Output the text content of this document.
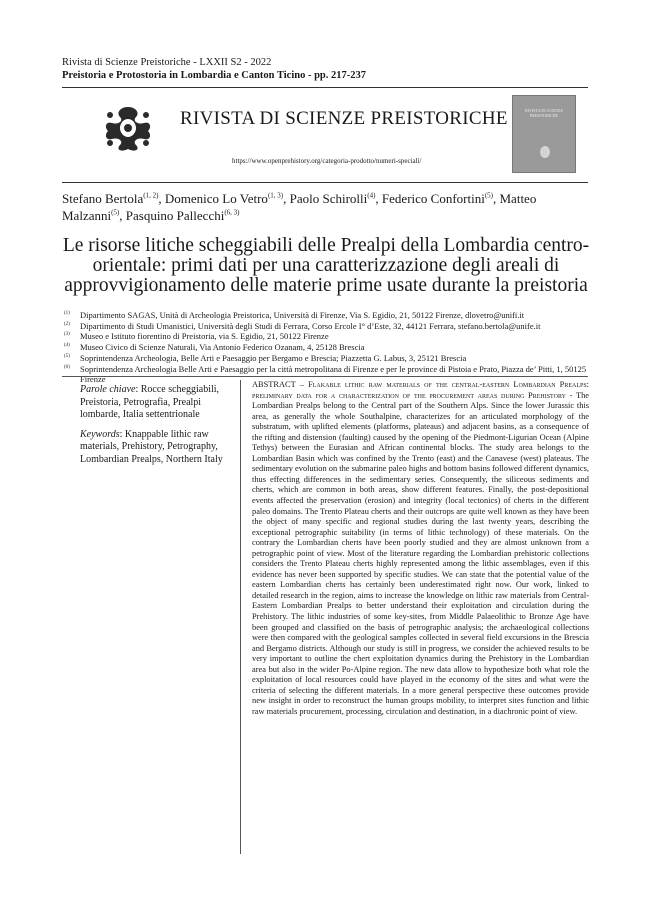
Rivista di Scienze Preistoriche - LXXII S2 - 2022
Preistoria e Protostoria in Lombardia e Canton Ticino - pp. 217-237
RIVISTA DI SCIENZE PREISTORICHE
https://www.openprehistory.org/categoria-prodotto/numeri-speciali/
RIVISTA DI SCIENZE PREISTORICHE
Stefano Bertola$^{(1, 2)}$, Domenico Lo Vetro$^{(1, 3)}$, Paolo Schirolli$^{(4)}$, Federico Confortini$^{(5)}$, Matteo Malzanni$^{(5)}$, Pasquino Pallecchi$^{(6, 3)}$
Le risorse litiche scheggiabili delle Prealpi della Lombardia centro-orientale: primi dati per una caratterizzazione degli areali di approvvigionamento delle materie prime usate durante la preistoria
(1) Dipartimento SAGAS, Unità di Archeologia Preistorica, Università di Firenze, Via S. Egidio, 21, 50122 Firenze, dlovetro@unifi.it
(2) Dipartimento di Studi Umanistici, Università degli Studi di Ferrara, Corso Ercole I° d’Este, 32, 44121 Ferrara, stefano.bertola@unife.it
(3) Museo e Istituto fiorentino di Preistoria, via S. Egidio, 21, 50122 Firenze
(4) Museo Civico di Scienze Naturali, Via Antonio Federico Ozanam, 4, 25128 Brescia
(5) Soprintendenza Archeologia, Belle Arti e Paesaggio per Bergamo e Brescia; Piazzetta G. Labus, 3, 25121 Brescia
(6) Soprintendenza Archeologia Belle Arti e Paesaggio per la città metropolitana di Firenze e per le province di Pistoia e Prato, Piazza de’ Pitti, 1, 50125 Firenze

Parole chiave: Rocce scheggiabili, Preistoria, Petrografia, Prealpi lombarde, Italia settentrionale

Keywords: Knappable lithic raw materials, Prehistory, Petrography, Lombardian Prealps, Northern Italy

ABSTRACT – Flakable lithic raw materials of the central-eastern Lombardian Prealps: preliminary data for a characterization of the procurement areas during Prehistory - The Lombardian Prealps belong to the Central part of the Southern Alps. Since the lower Jurassic this area, as generally the whole Southalpine, characterizes for an articulated morphology of the substratum, with uplifted elements (platforms, plateaus) and adjacent basins, as a consequence of the rifting and distension (faulting) caused by the opening of the Piedmont-Ligurian Ocean (Alpine Tethys) between the Eurasian and African continental blocks. The study area belongs to the Lombardian Basin which was confined by the Trento (east) and the Canavese (west) plateaus. The sedimentary evolution on the submarine paleo highs and bottom basins followed different dynamics, thus effecting differences in the sedimentary series. Consequently, the siliceous sediments and cherts, which are common in both areas, show different features. Finally, the post-depositional events affected the preservation (erosion) and integrity (local tectonics) of cherts in the different paleo domains. The Trento Plateau cherts and their outcrops are quite well known as they have been the object of many specific and regional studies during the last twenty years, describing the exceptional petrographic suitability (in terms of lithic technology) of these materials. On the contrary the Lombardian cherts have been poorly studied and they are almost unknown from a petrographic point of view. Most of the literature regarding the Lombardian prehistoric collections considers the Trento Plateau cherts highly represented among the lithic assemblages, even if this evidence has never been supported by specific studies. We can state that the potential value of the eastern Lombardian cherts has certainly been underestimated right now. Our work, linked to detailed research in the region, aims to increase the knowledge on lithic raw materials from Central-Eastern Lombardian Prealps to better understand their exploitation and circulation during the Prehistory. The lithic industries of some key-sites, from Middle Palaeolithic to Bronze Age have been grouped and classified on the basis of petrographic analysis; the archaeological collections were then compared with the geological samples collected in several field excursions in the Brescia and Bergamo districts. Although our study is still in progress, we consider the achieved results to be very important to outline the chert exploitation dynamics during the Prehistory in the Lombardian area but also in the wider Po-Alpine region. The new data allow to hypothesize both what role the exploitation of local resources could have played in the economy of the sites and what were the criteria of selecting the different materials. In a more general perspective these outcomes provide new insight in order to reconstruct the human groups mobility, to interpret sites function and lithic raw materials procurement, processing, circulation and destination, in a diachronic point of view.
